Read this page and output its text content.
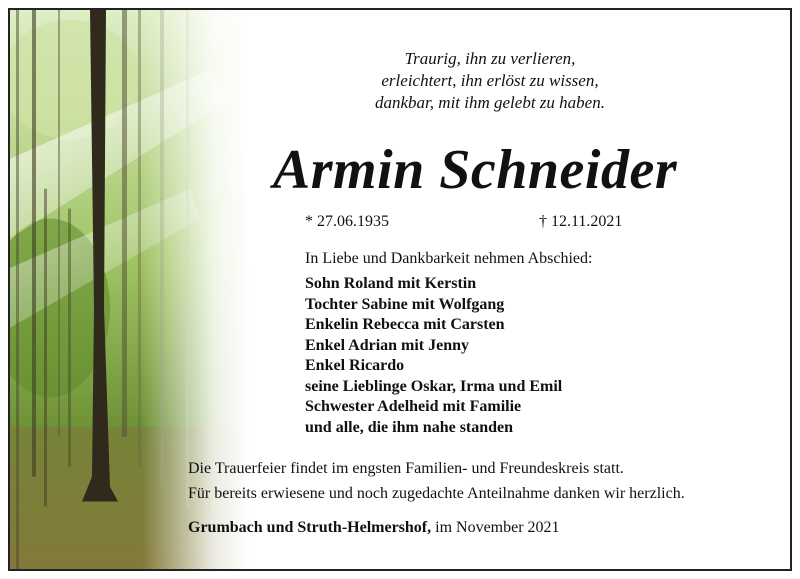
Traurig, ihn zu verlieren,
erleichtert, ihn erlöst zu wissen,
dankbar, mit ihm gelebt zu haben.
Armin Schneider
* 27.06.1935	† 12.11.2021
In Liebe und Dankbarkeit nehmen Abschied:
Sohn Roland mit Kerstin
Tochter Sabine mit Wolfgang
Enkelin Rebecca mit Carsten
Enkel Adrian mit Jenny
Enkel Ricardo
seine Lieblinge Oskar, Irma und Emil
Schwester Adelheid mit Familie
und alle, die ihm nahe standen
Die Trauerfeier findet im engsten Familien- und Freundeskreis statt.
Für bereits erwiesene und noch zugedachte Anteilnahme danken wir herzlich.
Grumbach und Struth-Helmershof, im November 2021
